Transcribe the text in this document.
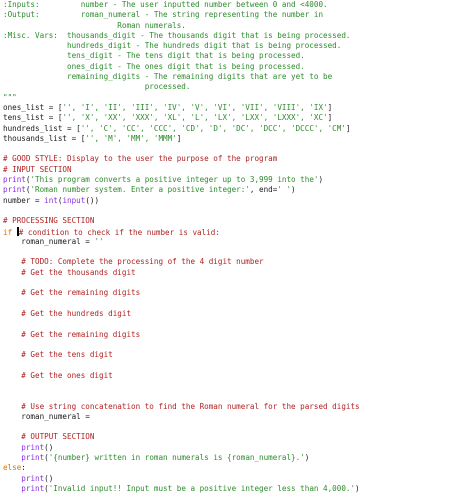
:Inputs:         number - The user inputted number between 0 and <4000.
:Output:         roman_numeral - The string representing the number in
Roman numerals.
:Misc. Vars:  thousands_digit - The thousands digit that is being processed.
hundreds_digit - The hundreds digit that is being processed.
tens_digit - The tens digit that is being processed.
ones_digit - The ones digit that is being processed.
remaining_digits - The remaining digits that are yet to be
processed.
"""
ones_list = ['', 'I', 'II', 'III', 'IV', 'V', 'VI', 'VII', 'VIII', 'IX']
tens_list = ['', 'X', 'XX', 'XXX', 'XL', 'L', 'LX', 'LXX', 'LXXX', 'XC']
hundreds_list = ['', 'C', 'CC', 'CCC', 'CD', 'D', 'DC', 'DCC', 'DCCC', 'CM']
thousands_list = ['', 'M', 'MM', 'MMM']

# GOOD STYLE: Display to the user the purpose of the program
# INPUT SECTION
print('This program converts a positive integer up to 3,999 into the')
print('Roman number system. Enter a positive integer:', end=' ')
number = int(input())

# PROCESSING SECTION
if # condition to check if the number is valid:
roman_numeral = ''

# TODO: Complete the processing of the 4 digit number
# Get the thousands digit

# Get the remaining digits

# Get the hundreds digit

# Get the remaining digits

# Get the tens digit

# Get the ones digit

# Use string concatenation to find the Roman numeral for the parsed digits
roman_numeral =

# OUTPUT SECTION
print()
print('{number} written in roman numerals is {roman_numeral}.')
else:
print()
print('Invalid input!! Input must be a positive integer less than 4,000.')
